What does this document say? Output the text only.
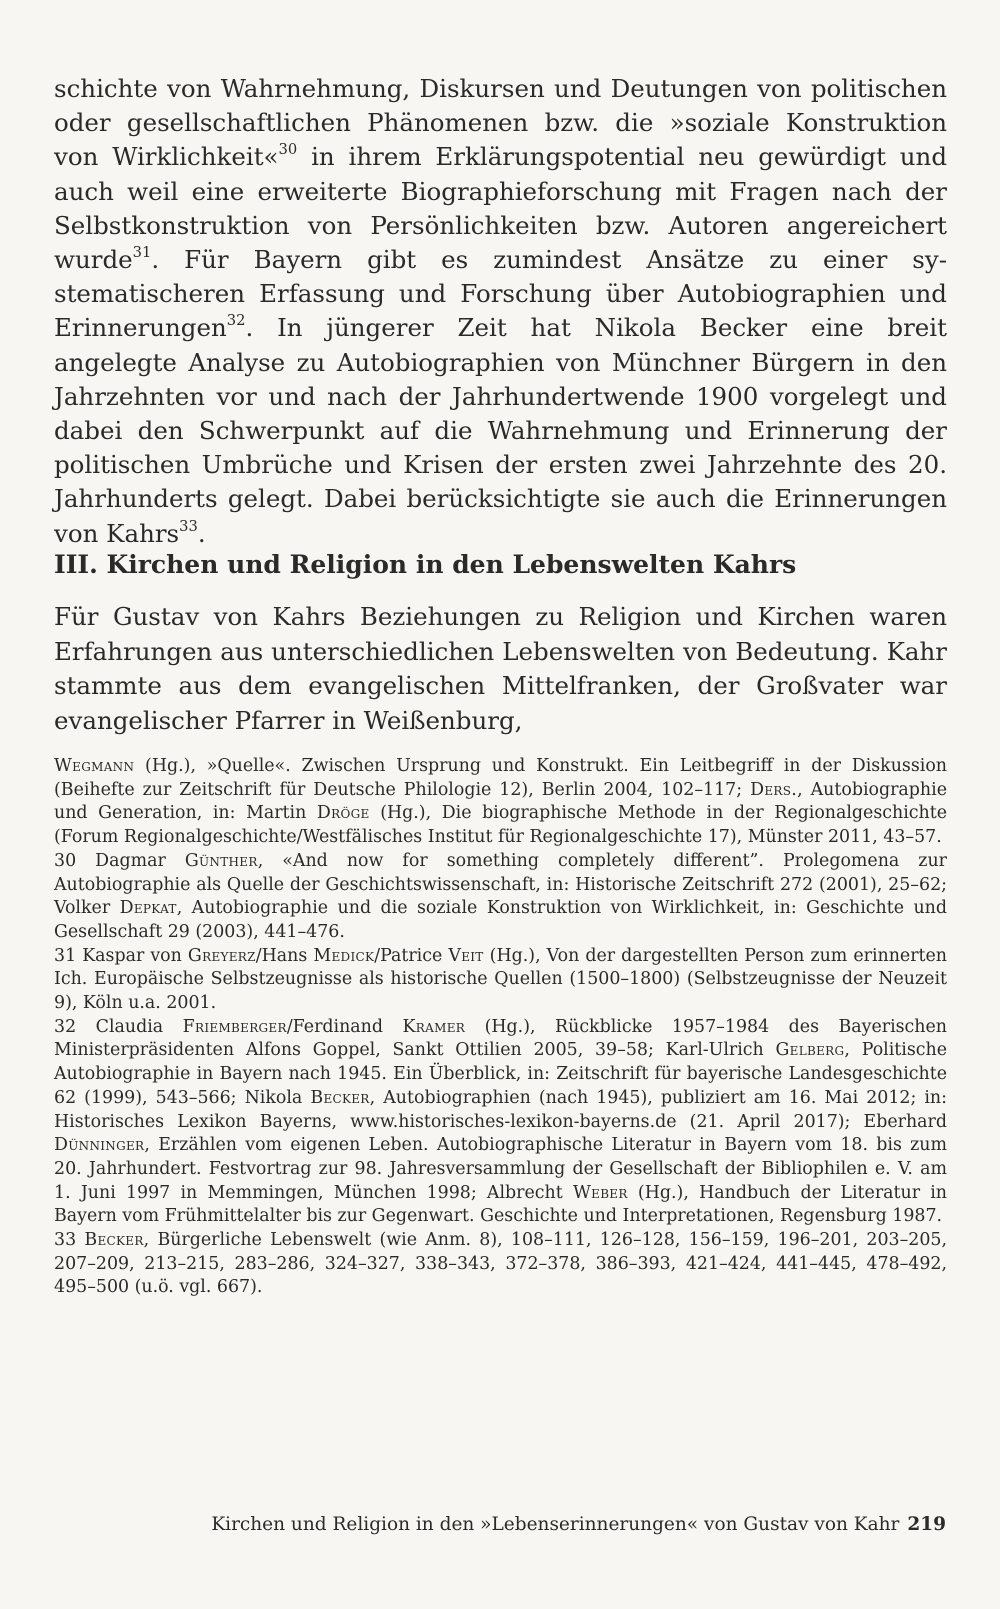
schichte von Wahrnehmung, Diskursen und Deutungen von politischen oder gesellschaftlichen Phänomenen bzw. die »soziale Konstruktion von Wirklichkeit«$^{30}$ in ihrem Erklärungspotential neu gewürdigt und auch weil eine erweiterte Biographieforschung mit Fragen nach der Selbstkonstruktion von Persönlichkeiten bzw. Autoren angereichert wurde$^{31}$. Für Bayern gibt es zumindest Ansätze zu einer systematischeren Erfassung und Forschung über Autobiographien und Erinnerungen$^{32}$. In jüngerer Zeit hat Nikola Becker eine breit angelegte Analyse zu Autobiographien von Münchner Bürgern in den Jahrzehnten vor und nach der Jahrhundertwende 1900 vorgelegt und dabei den Schwerpunkt auf die Wahrnehmung und Erinnerung der politischen Umbrüche und Krisen der ersten zwei Jahrzehnte des 20. Jahrhunderts gelegt. Dabei berücksichtigte sie auch die Erinnerungen von Kahrs$^{33}$.

III. Kirchen und Religion in den Lebenswelten Kahrs

Für Gustav von Kahrs Beziehungen zu Religion und Kirchen waren Erfahrungen aus unterschiedlichen Lebenswelten von Bedeutung. Kahr stammte aus dem evangelischen Mittelfranken, der Großvater war evangelischer Pfarrer in Weißenburg,

Wegmann (Hg.), »Quelle«. Zwischen Ursprung und Konstrukt. Ein Leitbegriff in der Diskussion (Beihefte zur Zeitschrift für Deutsche Philologie 12), Berlin 2004, 102–117; Ders., Autobiographie und Generation, in: Martin Dröge (Hg.), Die biographische Methode in der Regionalgeschichte (Forum Regionalgeschichte/Westfälisches Institut für Regionalgeschichte 17), Münster 2011, 43–57.

30 Dagmar Günther, «And now for something completely different”. Prolegomena zur Autobiographie als Quelle der Geschichtswissenschaft, in: Historische Zeitschrift 272 (2001), 25–62; Volker Depkat, Autobiographie und die soziale Konstruktion von Wirklichkeit, in: Geschichte und Gesellschaft 29 (2003), 441–476.

31 Kaspar von Greyerz/Hans Medick/Patrice Veit (Hg.), Von der dargestellten Person zum erinnerten Ich. Europäische Selbstzeugnisse als historische Quellen (1500–1800) (Selbstzeugnisse der Neuzeit 9), Köln u.a. 2001.

32 Claudia Friemberger/Ferdinand Kramer (Hg.), Rückblicke 1957–1984 des Bayerischen Ministerpräsidenten Alfons Goppel, Sankt Ottilien 2005, 39–58; Karl-Ulrich Gelberg, Politische Autobiographie in Bayern nach 1945. Ein Überblick, in: Zeitschrift für bayerische Landesgeschichte 62 (1999), 543–566; Nikola Becker, Autobiographien (nach 1945), publiziert am 16. Mai 2012; in: Historisches Lexikon Bayerns, www.historisches-lexikon-bayerns.de (21. April 2017); Eberhard Dünninger, Erzählen vom eigenen Leben. Autobiographische Literatur in Bayern vom 18. bis zum 20. Jahrhundert. Festvortrag zur 98. Jahresversammlung der Gesellschaft der Bibliophilen e. V. am 1. Juni 1997 in Memmingen, München 1998; Albrecht Weber (Hg.), Handbuch der Literatur in Bayern vom Frühmittelalter bis zur Gegenwart. Geschichte und Interpretationen, Regensburg 1987.

33 Becker, Bürgerliche Lebenswelt (wie Anm. 8), 108–111, 126–128, 156–159, 196–201, 203–205, 207–209, 213–215, 283–286, 324–327, 338–343, 372–378, 386–393, 421–424, 441–445, 478–492, 495–500 (u.ö. vgl. 667).

Kirchen und Religion in den »Lebenserinnerungen« von Gustav von Kahr 219
